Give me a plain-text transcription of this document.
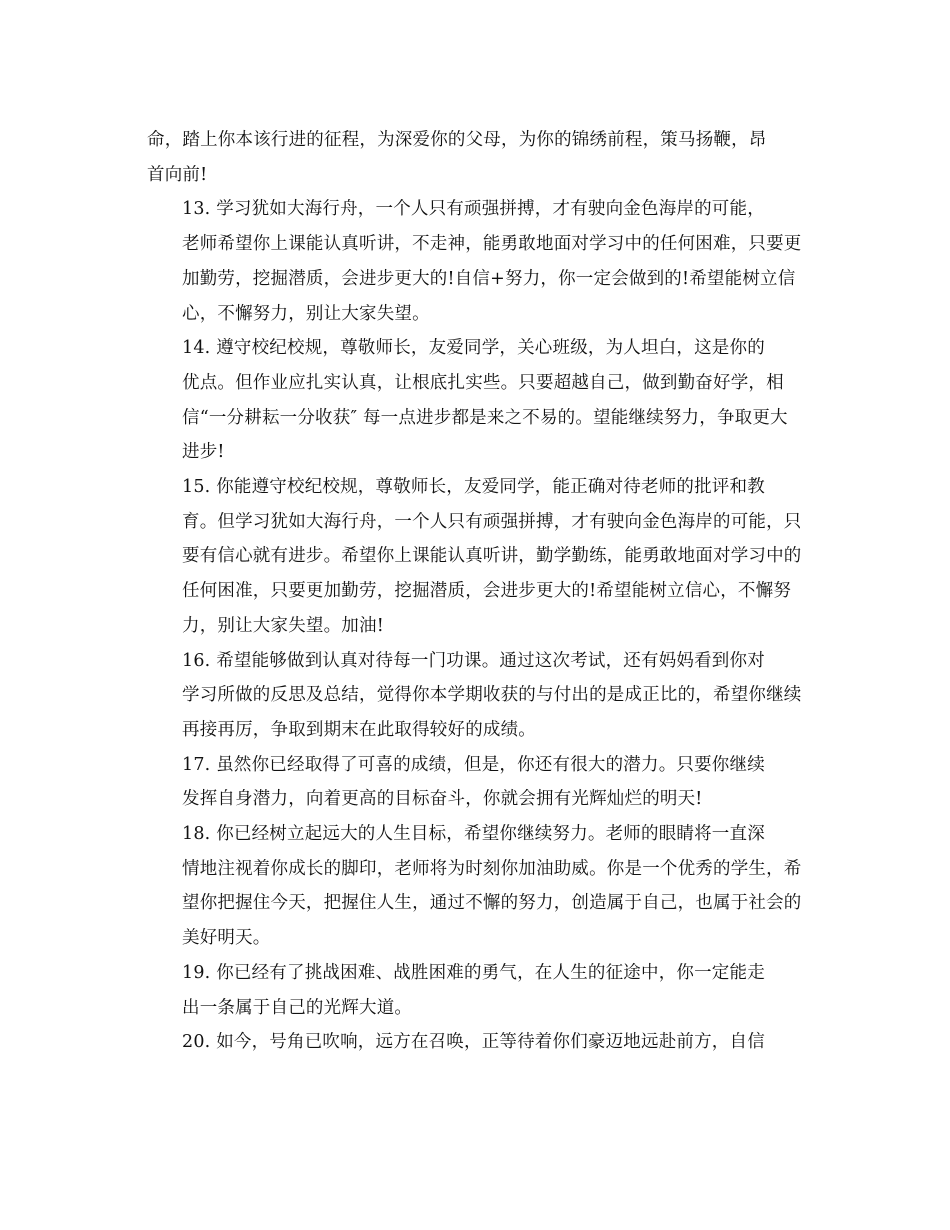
命，踏上你本该行进的征程，为深爱你的父母，为你的锦绣前程，策马扬鞭，昂
首向前!

13. 学习犹如大海行舟，一个人只有顽强拼搏，才有驶向金色海岸的可能，
老师希望你上课能认真听讲，不走神，能勇敢地面对学习中的任何困难，只要更
加勤劳，挖掘潜质，会进步更大的!自信+努力，你一定会做到的!希望能树立信
心，不懈努力，别让大家失望。

14. 遵守校纪校规，尊敬师长，友爱同学，关心班级，为人坦白，这是你的
优点。但作业应扎实认真，让根底扎实些。只要超越自己，做到勤奋好学，相
信“一分耕耘一分收获″ 每一点进步都是来之不易的。望能继续努力，争取更大
进步!

15. 你能遵守校纪校规，尊敬师长，友爱同学，能正确对待老师的批评和教
育。但学习犹如大海行舟，一个人只有顽强拼搏，才有驶向金色海岸的可能，只
要有信心就有进步。希望你上课能认真听讲，勤学勤练，能勇敢地面对学习中的
任何困准，只要更加勤劳，挖掘潜质，会进步更大的!希望能树立信心，不懈努
力，别让大家失望。加油!

16. 希望能够做到认真对待每一门功课。通过这次考试，还有妈妈看到你对
学习所做的反思及总结，觉得你本学期收获的与付出的是成正比的，希望你继续
再接再厉，争取到期末在此取得较好的成绩。

17. 虽然你已经取得了可喜的成绩，但是，你还有很大的潜力。只要你继续
发挥自身潜力，向着更高的目标奋斗，你就会拥有光辉灿烂的明天!

18. 你已经树立起远大的人生目标，希望你继续努力。老师的眼睛将一直深
情地注视着你成长的脚印，老师将为时刻你加油助威。你是一个优秀的学生，希
望你把握住今天，把握住人生，通过不懈的努力，创造属于自己，也属于社会的
美好明天。

19. 你已经有了挑战困难、战胜困难的勇气，在人生的征途中，你一定能走
出一条属于自己的光辉大道。

20. 如今，号角已吹响，远方在召唤，正等待着你们豪迈地远赴前方，自信
